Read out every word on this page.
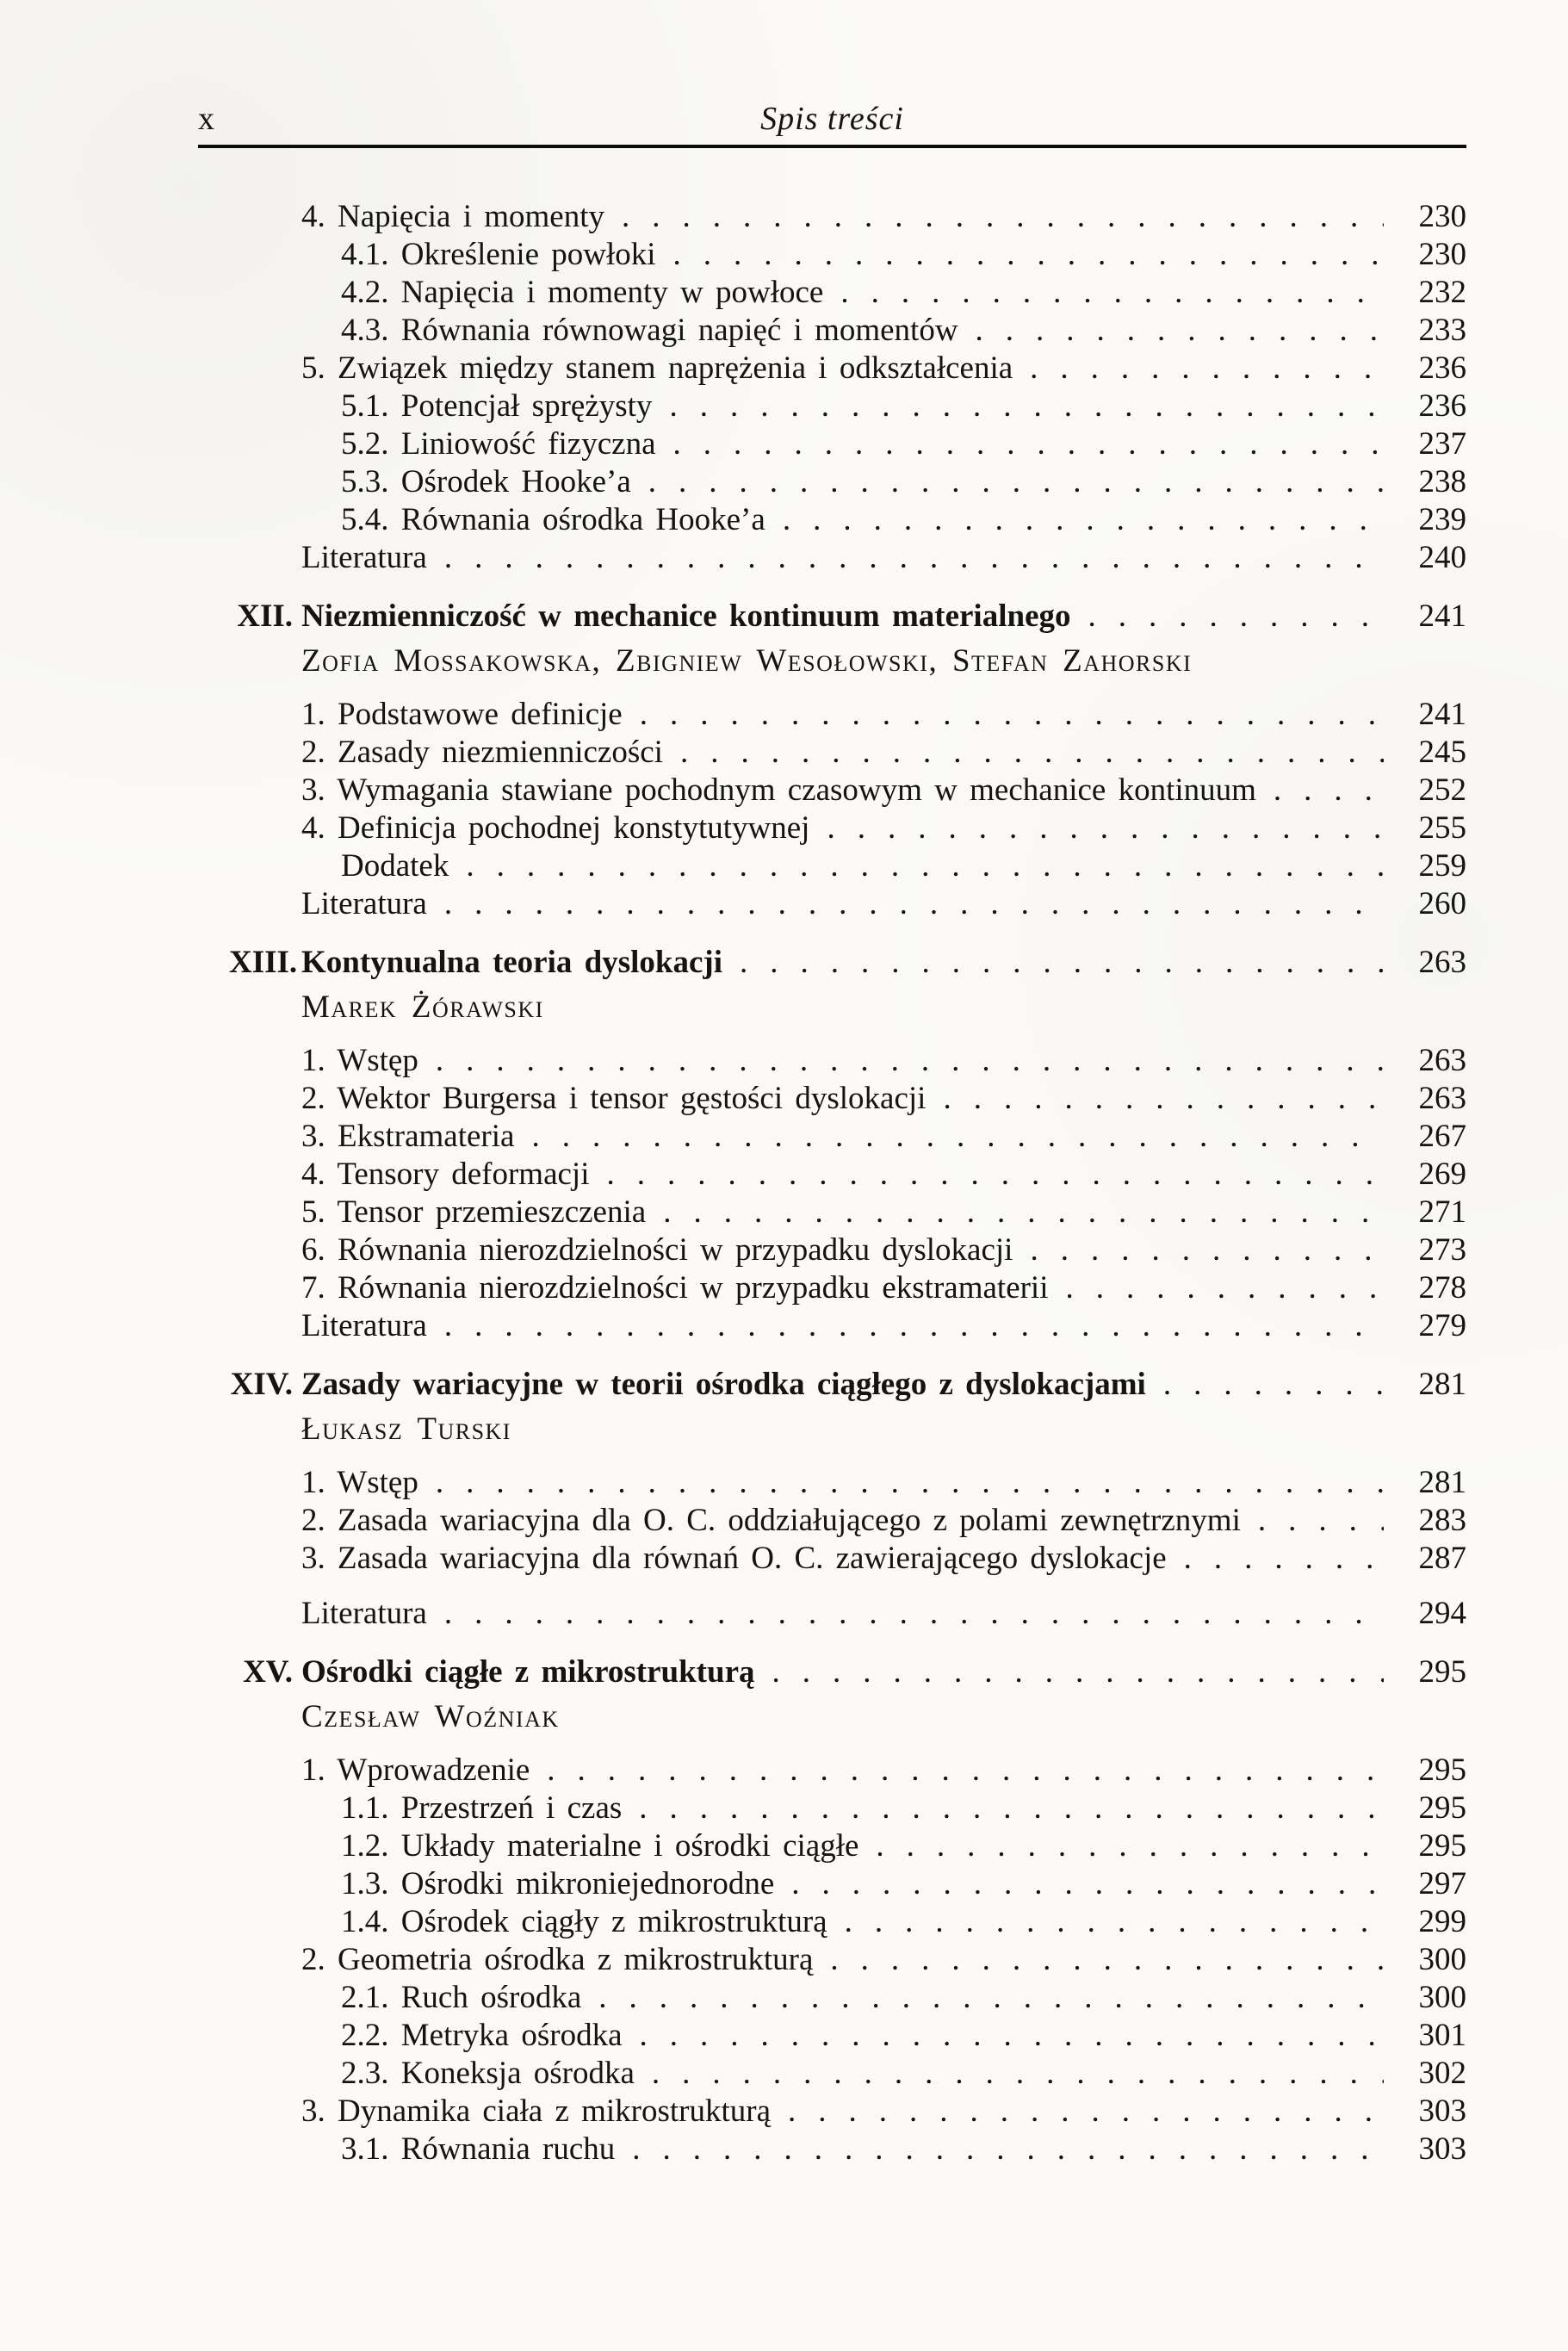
x	Spis treści
4. Napięcia i momenty .....	230
4.1. Określenie powłoki .....	230
4.2. Napięcia i momenty w powłoce .....	232
4.3. Równania równowagi napięć i momentów .....	233
5. Związek między stanem naprężenia i odkształcenia .....	236
5.1. Potencjał sprężysty .....	236
5.2. Liniowość fizyczna .....	237
5.3. Ośrodek Hooke’a .....	238
5.4. Równania ośrodka Hooke’a .....	239
Literatura .....	240
XII. Niezmienniczość w mechanice kontinuum materialnego .....	241
Zofia Mossakowska, Zbigniew Wesołowski, Stefan Zahorski
1. Podstawowe definicje .....	241
2. Zasady niezmienniczości .....	245
3. Wymagania stawiane pochodnym czasowym w mechanice kontinuum .....	252
4. Definicja pochodnej konstytutywnej .....	255
Dodatek .....	259
Literatura .....	260
XIII. Kontynualna teoria dyslokacji .....	263
Marek Żórawski
1. Wstęp .....	263
2. Wektor Burgersa i tensor gęstości dyslokacji .....	263
3. Ekstramateria .....	267
4. Tensory deformacji .....	269
5. Tensor przemieszczenia .....	271
6. Równania nierozdzielności w przypadku dyslokacji .....	273
7. Równania nierozdzielności w przypadku ekstramaterii .....	278
Literatura .....	279
XIV. Zasady wariacyjne w teorii ośrodka ciągłego z dyslokacjami .....	281
Łukasz Turski
1. Wstęp .....	281
2. Zasada wariacyjna dla O. C. oddziałującego z polami zewnętrznymi .....	283
3. Zasada wariacyjna dla równań O. C. zawierającego dyslokacje .....	287
Literatura .....	294
XV. Ośrodki ciągłe z mikrostrukturą .....	295
Czesław Woźniak
1. Wprowadzenie .....	295
1.1. Przestrzeń i czas .....	295
1.2. Układy materialne i ośrodki ciągłe .....	295
1.3. Ośrodki mikroniejednorodne .....	297
1.4. Ośrodek ciągły z mikrostrukturą .....	299
2. Geometria ośrodka z mikrostrukturą .....	300
2.1. Ruch ośrodka .....	300
2.2. Metryka ośrodka .....	301
2.3. Koneksja ośrodka .....	302
3. Dynamika ciała z mikrostrukturą .....	303
3.1. Równania ruchu .....	303
